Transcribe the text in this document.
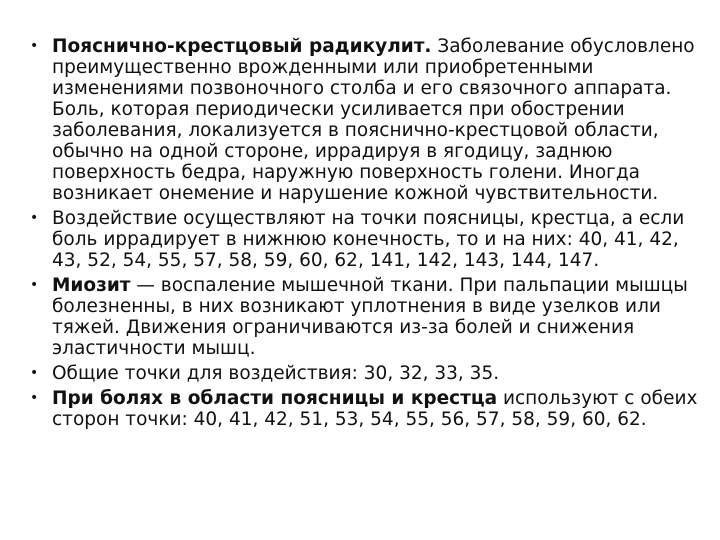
• Пояснично-крестцовый радикулит. Заболевание обусловлено преимущественно врожденными или приобретенными изменениями позвоночного столба и его связочного аппарата. Боль, которая периодически усиливается при обострении заболевания, локализуется в пояснично-крестцовой области, обычно на одной стороне, иррадируя в ягодицу, заднюю поверхность бедра, наружную поверхность голени. Иногда возникает онемение и нарушение кожной чувствительности.
• Воздействие осуществляют на точки поясницы, крестца, а если боль иррадирует в нижнюю конечность, то и на них: 40, 41, 42, 43, 52, 54, 55, 57, 58, 59, 60, 62, 141, 142, 143, 144, 147.
• Миозит — воспаление мышечной ткани. При пальпации мышцы болезненны, в них возникают уплотнения в виде узелков или тяжей. Движения ограничиваются из-за болей и снижения эластичности мышц.
• Общие точки для воздействия: 30, 32, 33, 35.
• При болях в области поясницы и крестца используют с обеих сторон точки: 40, 41, 42, 51, 53, 54, 55, 56, 57, 58, 59, 60, 62.
